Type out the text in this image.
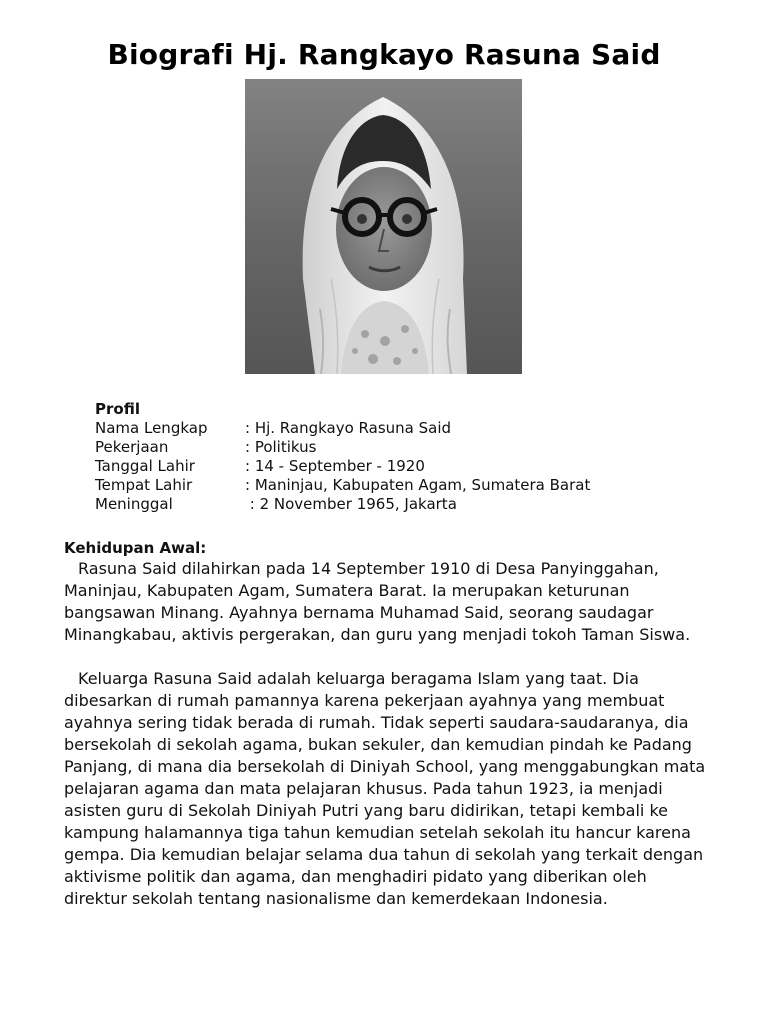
Biografi Hj. Rangkayo Rasuna Said
Profil
Nama Lengkap	: Hj. Rangkayo Rasuna Said
Pekerjaan	: Politikus
Tanggal Lahir	: 14 - September - 1920
Tempat Lahir	: Maninjau, Kabupaten Agam, Sumatera Barat
Meninggal	: 2 November 1965, Jakarta
Kehidupan Awal:

Rasuna Said dilahirkan pada 14 September 1910 di Desa Panyinggahan, Maninjau, Kabupaten Agam, Sumatera Barat. Ia merupakan keturunan bangsawan Minang. Ayahnya bernama Muhamad Said, seorang saudagar Minangkabau, aktivis pergerakan, dan guru yang menjadi tokoh Taman Siswa.

Keluarga Rasuna Said adalah keluarga beragama Islam yang taat. Dia dibesarkan di rumah pamannya karena pekerjaan ayahnya yang membuat ayahnya sering tidak berada di rumah. Tidak seperti saudara-saudaranya, dia bersekolah di sekolah agama, bukan sekuler, dan kemudian pindah ke Padang Panjang, di mana dia bersekolah di Diniyah School, yang menggabungkan mata pelajaran agama dan mata pelajaran khusus. Pada tahun 1923, ia menjadi asisten guru di Sekolah Diniyah Putri yang baru didirikan, tetapi kembali ke kampung halamannya tiga tahun kemudian setelah sekolah itu hancur karena gempa. Dia kemudian belajar selama dua tahun di sekolah yang terkait dengan aktivisme politik dan agama, dan menghadiri pidato yang diberikan oleh direktur sekolah tentang nasionalisme dan kemerdekaan Indonesia.
